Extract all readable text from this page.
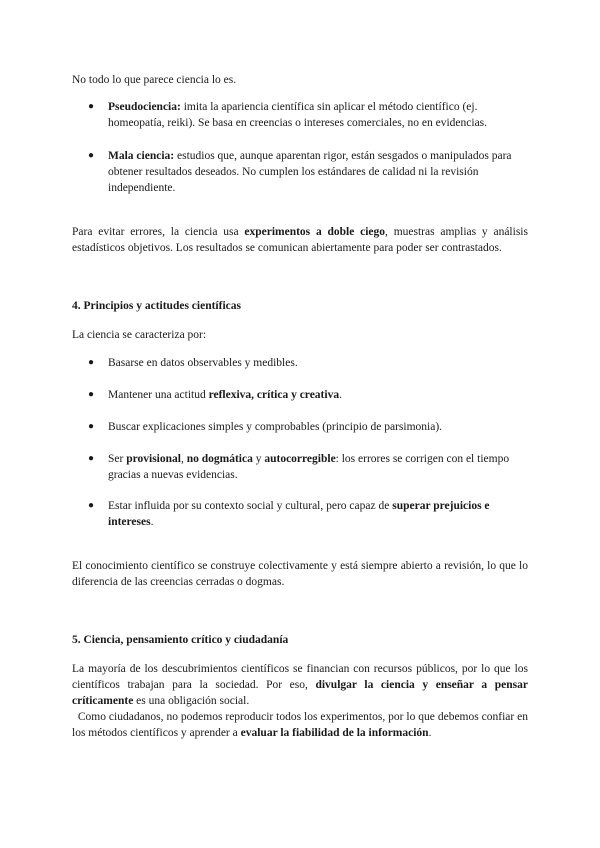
No todo lo que parece ciencia lo es.

● Pseudociencia: imita la apariencia científica sin aplicar el método científico (ej. homeopatía, reiki). Se basa en creencias o intereses comerciales, no en evidencias.

● Mala ciencia: estudios que, aunque aparentan rigor, están sesgados o manipulados para obtener resultados deseados. No cumplen los estándares de calidad ni la revisión independiente.

Para evitar errores, la ciencia usa experimentos a doble ciego, muestras amplias y análisis estadísticos objetivos. Los resultados se comunican abiertamente para poder ser contrastados.

4. Principios y actitudes científicas

La ciencia se caracteriza por:

● Basarse en datos observables y medibles.

● Mantener una actitud reflexiva, crítica y creativa.

● Buscar explicaciones simples y comprobables (principio de parsimonia).

● Ser provisional, no dogmática y autocorregible: los errores se corrigen con el tiempo gracias a nuevas evidencias.

● Estar influida por su contexto social y cultural, pero capaz de superar prejuicios e intereses.

El conocimiento científico se construye colectivamente y está siempre abierto a revisión, lo que lo diferencia de las creencias cerradas o dogmas.

5. Ciencia, pensamiento crítico y ciudadanía

La mayoría de los descubrimientos científicos se financian con recursos públicos, por lo que los científicos trabajan para la sociedad. Por eso, divulgar la ciencia y enseñar a pensar críticamente es una obligación social.

Como ciudadanos, no podemos reproducir todos los experimentos, por lo que debemos confiar en los métodos científicos y aprender a evaluar la fiabilidad de la información.
